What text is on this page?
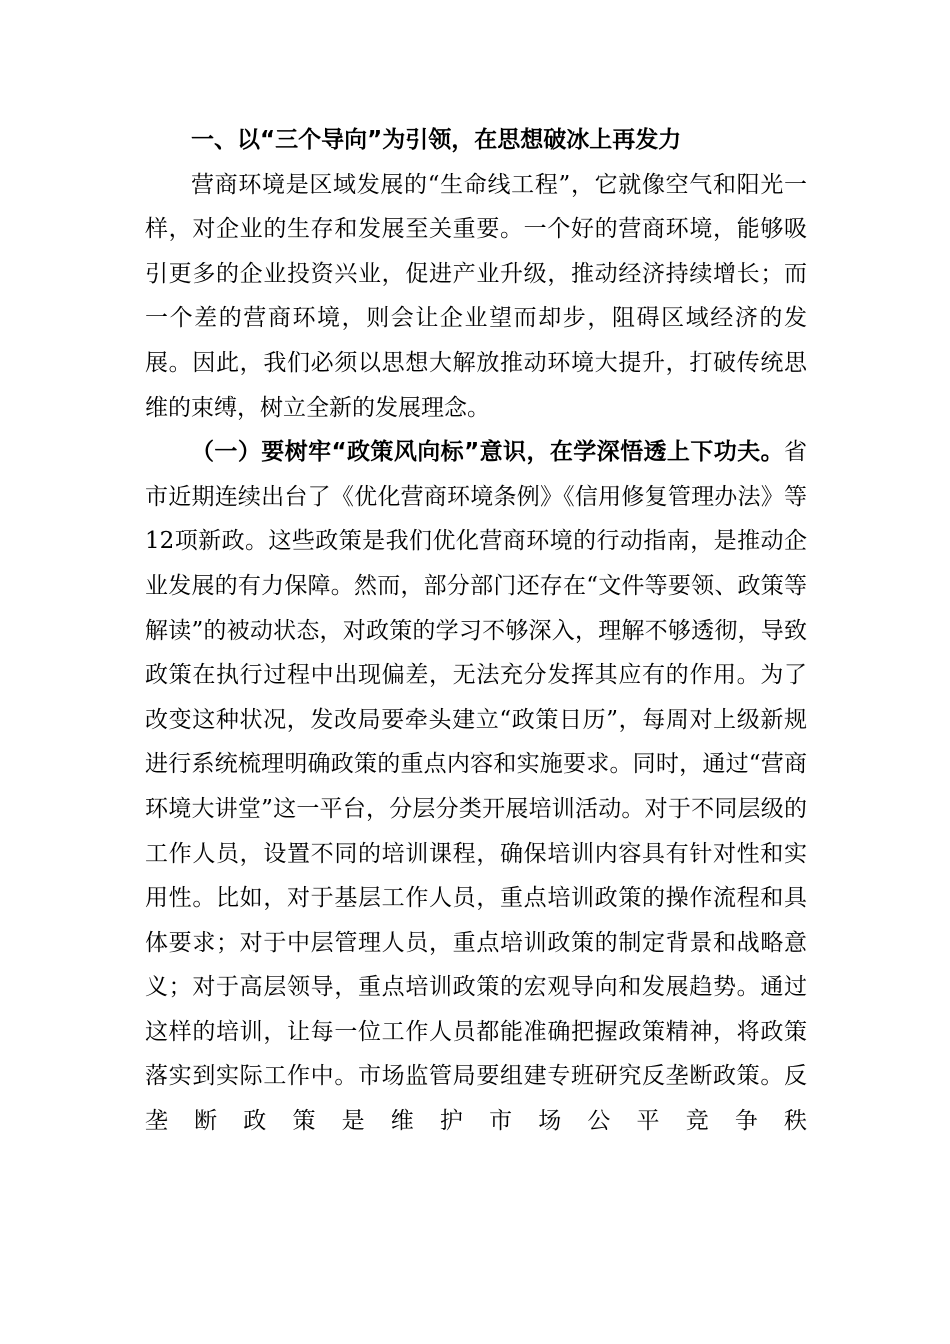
一、以“三个导向”为引领，在思想破冰上再发力

营商环境是区域发展的“生命线工程”，它就像空气和阳光一样，对企业的生存和发展至关重要。一个好的营商环境，能够吸引更多的企业投资兴业，促进产业升级，推动经济持续增长；而一个差的营商环境，则会让企业望而却步，阻碍区域经济的发展。因此，我们必须以思想大解放推动环境大提升，打破传统思维的束缚，树立全新的发展理念。

（一）要树牢“政策风向标”意识，在学深悟透上下功夫。省市近期连续出台了《优化营商环境条例》《信用修复管理办法》等12项新政。这些政策是我们优化营商环境的行动指南，是推动企业发展的有力保障。然而，部分部门还存在“文件等要领、政策等解读”的被动状态，对政策的学习不够深入，理解不够透彻，导致政策在执行过程中出现偏差，无法充分发挥其应有的作用。为了改变这种状况，发改局要牵头建立“政策日历”，每周对上级新规进行系统梳理明确政策的重点内容和实施要求。同时，通过“营商环境大讲堂”这一平台，分层分类开展培训活动。对于不同层级的工作人员，设置不同的培训课程，确保培训内容具有针对性和实用性。比如，对于基层工作人员，重点培训政策的操作流程和具体要求；对于中层管理人员，重点培训政策的制定背景和战略意义；对于高层领导，重点培训政策的宏观导向和发展趋势。通过这样的培训，让每一位工作人员都能准确把握政策精神，将政策落实到实际工作中。市场监管局要组建专班研究反垄断政策。反垄断政策是维护市场公平竞争秩
